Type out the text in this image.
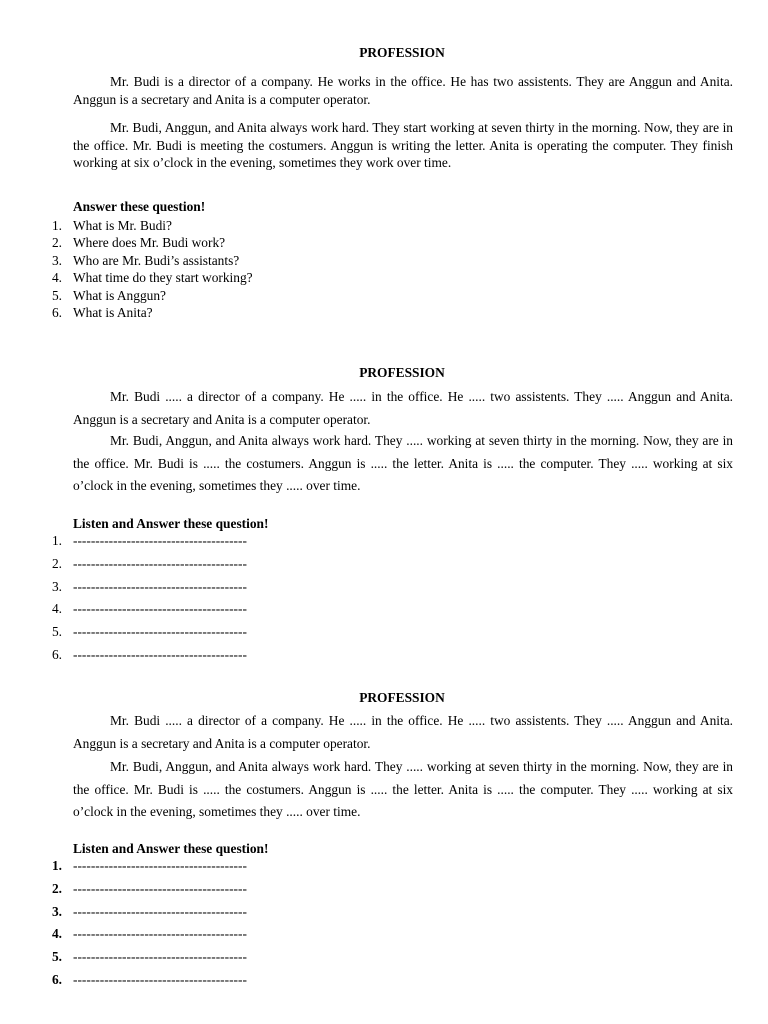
PROFESSION
Mr. Budi is a director of a company. He works in the office. He has two assistents. They are Anggun and Anita. Anggun is a secretary and Anita is a computer operator.
Mr. Budi, Anggun, and Anita always work hard. They start working at seven thirty in the morning. Now, they are in the office. Mr. Budi is meeting the costumers. Anggun is writing the letter. Anita is operating the computer. They finish working at six o’clock in the evening, sometimes they work over time.
Answer these question!
1. What is Mr. Budi?
2. Where does Mr. Budi work?
3. Who are Mr. Budi’s assistants?
4. What time do they start working?
5. What is Anggun?
6. What is Anita?
PROFESSION
Mr. Budi ..... a director of a company. He ..... in the office. He ..... two assistents. They ..... Anggun and Anita. Anggun is a secretary and Anita is a computer operator.
Mr. Budi, Anggun, and Anita always work hard. They ..... working at seven thirty in the morning. Now, they are in the office. Mr. Budi is ..... the costumers. Anggun is ..... the letter. Anita is ..... the computer. They ..... working at six o’clock in the evening, sometimes they ..... over time.
Listen and Answer these question!
1. ---------------------------------------
2. ---------------------------------------
3. ---------------------------------------
4. ---------------------------------------
5. ---------------------------------------
6. ---------------------------------------
PROFESSION
Mr. Budi ..... a director of a company. He ..... in the office. He ..... two assistents. They ..... Anggun and Anita. Anggun is a secretary and Anita is a computer operator.
Mr. Budi, Anggun, and Anita always work hard. They ..... working at seven thirty in the morning. Now, they are in the office. Mr. Budi is ..... the costumers. Anggun is ..... the letter. Anita is ..... the computer. They ..... working at six o’clock in the evening, sometimes they ..... over time.
Listen and Answer these question!
1. ---------------------------------------
2. ---------------------------------------
3. ---------------------------------------
4. ---------------------------------------
5. ---------------------------------------
6. ---------------------------------------
